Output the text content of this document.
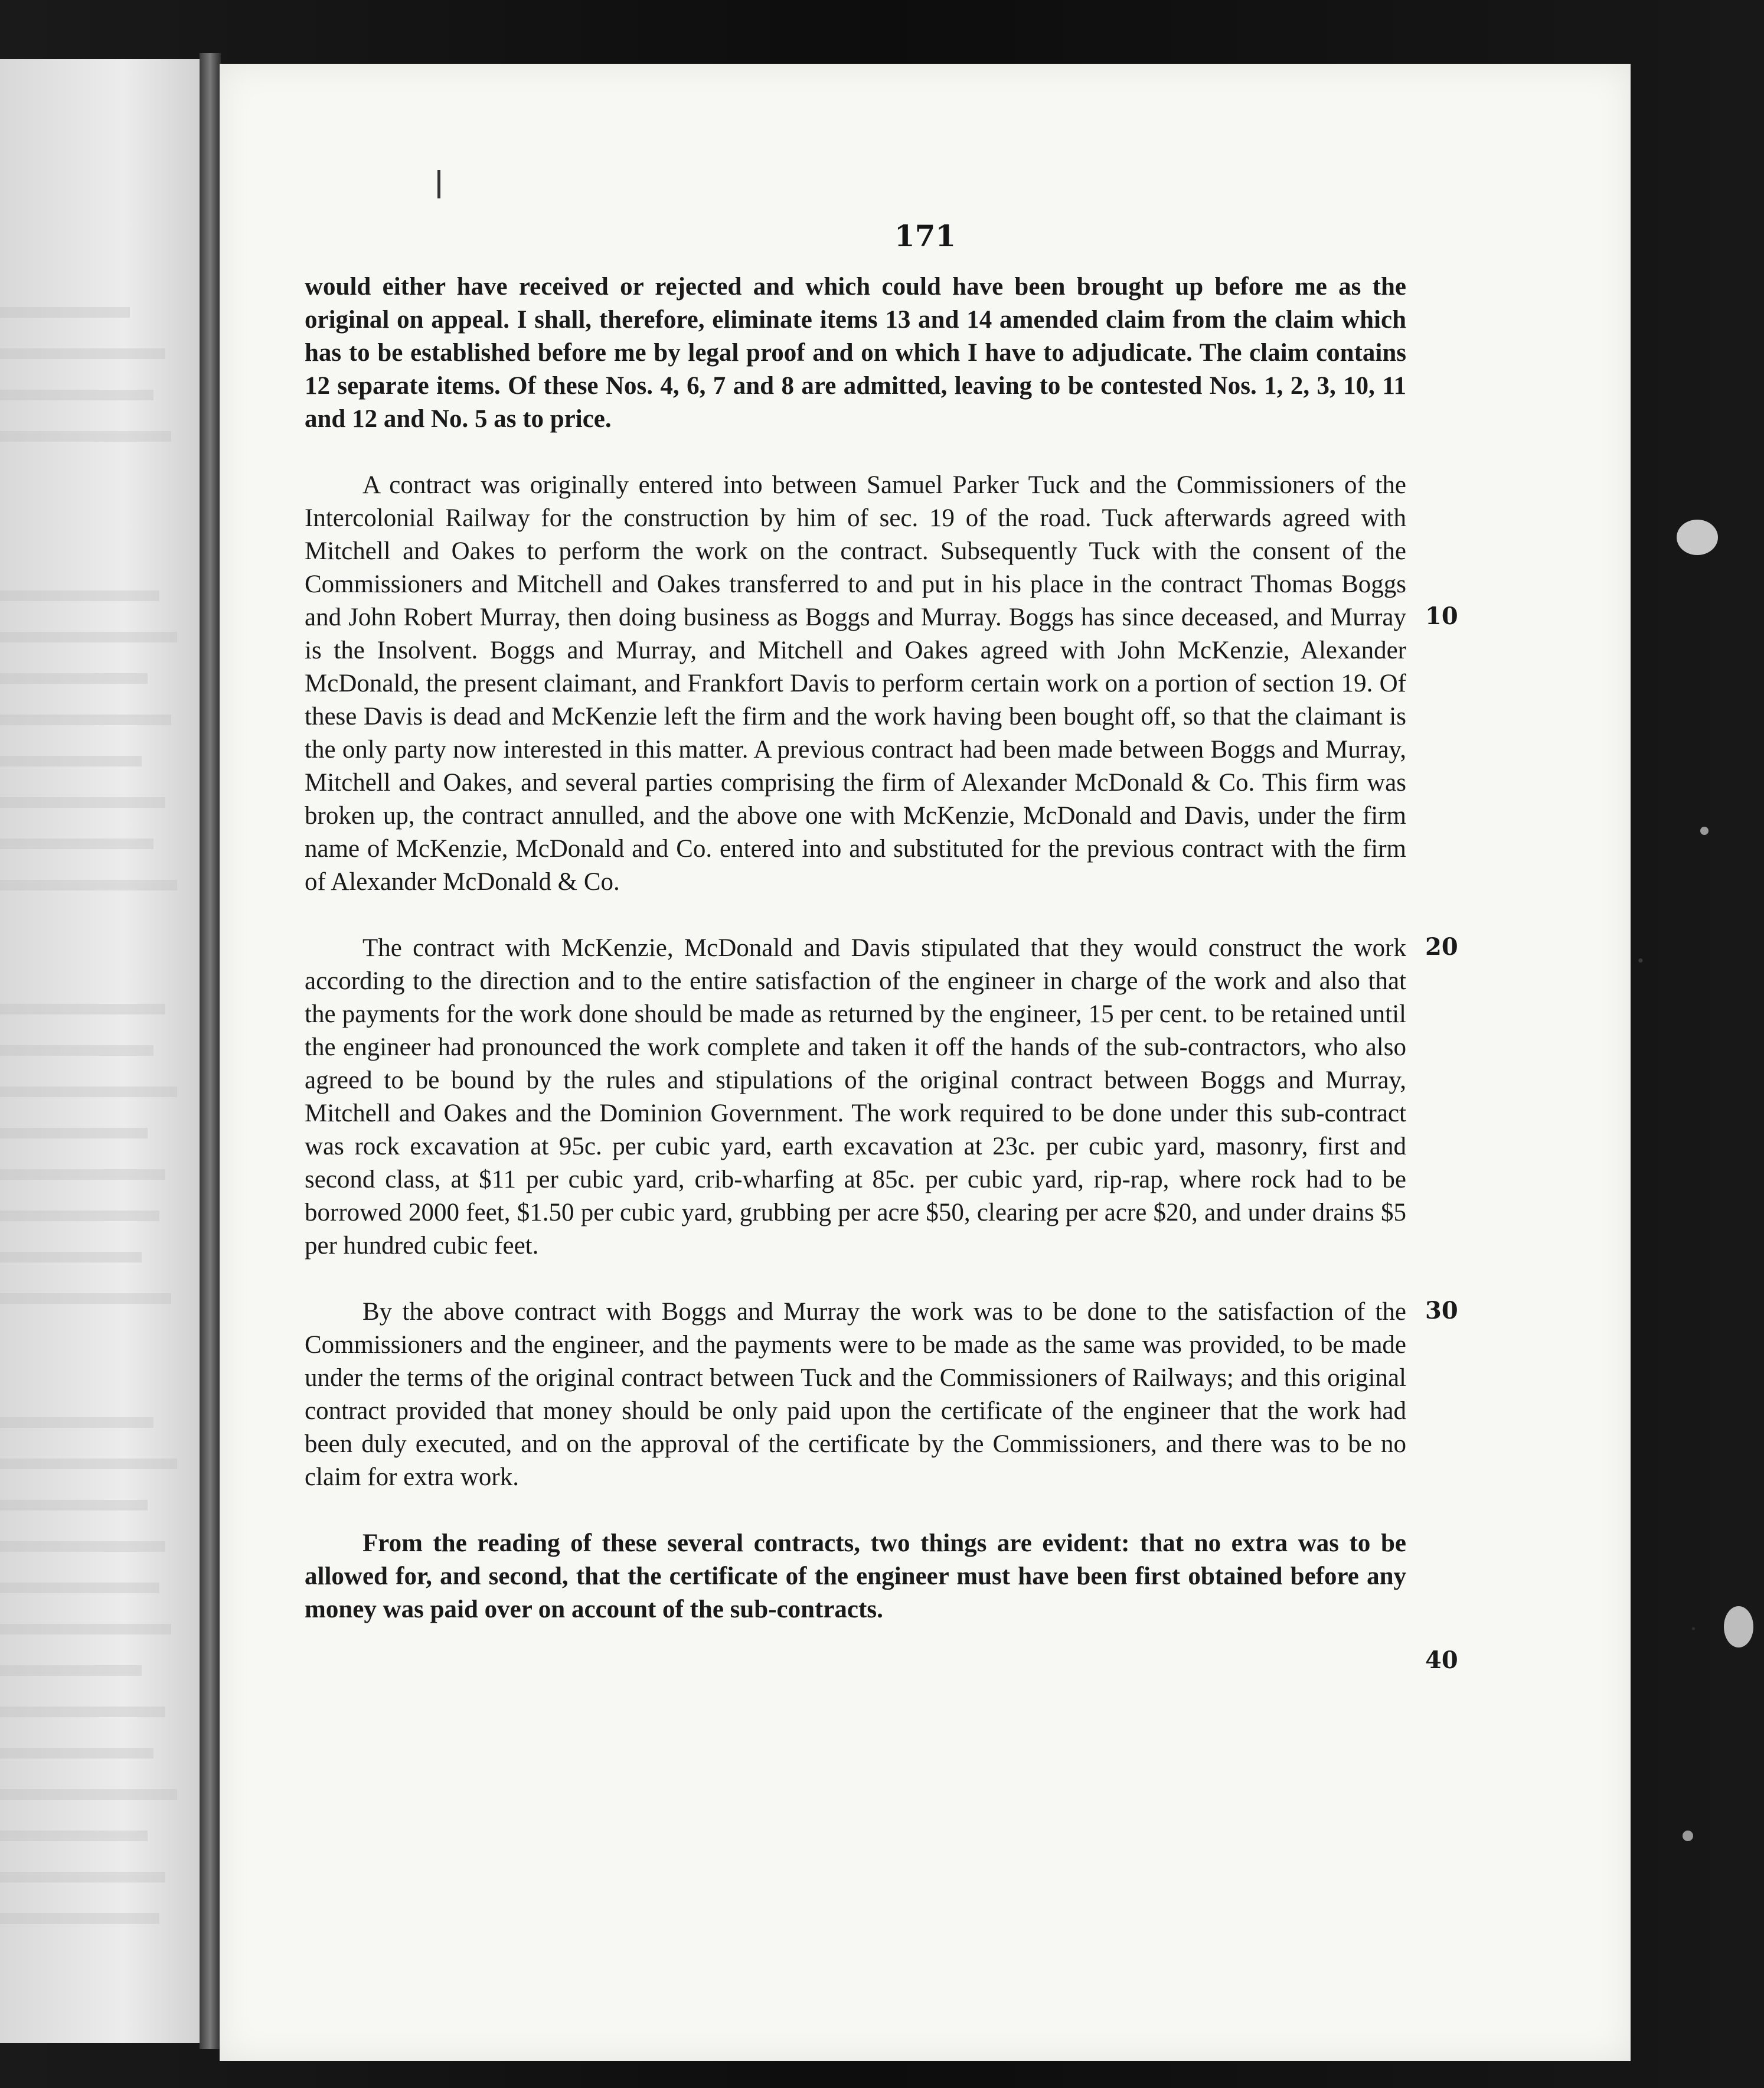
171

would either have received or rejected and which could have been brought up before me as the original on appeal. I shall, therefore, eliminate items 13 and 14 amended claim from the claim which has to be established before me by legal proof and on which I have to adjudicate. The claim contains 12 separate items. Of these Nos. 4, 6, 7 and 8 are admitted, leaving to be contested Nos. 1, 2, 3, 10, 11 and 12 and No. 5 as to price.

A contract was originally entered into between Samuel Parker Tuck and the Commissioners of the Intercolonial Railway for the construction by him of sec. 19 of the road. Tuck afterwards agreed with Mitchell and Oakes to perform the work on the contract. Subsequently Tuck with the consent of the Commissioners and Mitchell and Oakes transferred to and put in his place in the contract Thomas Boggs and John Robert Murray, then doing business as Boggs and Murray. Boggs has since deceased, and Murray is the Insolvent. Boggs and Murray, and Mitchell and Oakes agreed with John McKenzie, Alexander McDonald, the present claimant, and Frankfort Davis to perform certain work on a portion of section 19. Of these Davis is dead and McKenzie left the firm and the work having been bought off, so that the claimant is the only party now interested in this matter. A previous contract had been made between Boggs and Murray, Mitchell and Oakes, and several parties comprising the firm of Alexander McDonald & Co. This firm was broken up, the contract annulled, and the above one with McKenzie, McDonald and Davis, under the firm name of McKenzie, McDonald and Co. entered into and substituted for the previous contract with the firm of Alexander McDonald & Co.

The contract with McKenzie, McDonald and Davis stipulated that they would construct the work according to the direction and to the entire satisfaction of the engineer in charge of the work and also that the payments for the work done should be made as returned by the engineer, 15 per cent. to be retained until the engineer had pronounced the work complete and taken it off the hands of the sub-contractors, who also agreed to be bound by the rules and stipulations of the original contract between Boggs and Murray, Mitchell and Oakes and the Dominion Government. The work required to be done under this sub-contract was rock excavation at 95c. per cubic yard, earth excavation at 23c. per cubic yard, masonry, first and second class, at $11 per cubic yard, crib-wharfing at 85c. per cubic yard, rip-rap, where rock had to be borrowed 2000 feet, $1.50 per cubic yard, grubbing per acre $50, clearing per acre $20, and under drains $5 per hundred cubic feet.

By the above contract with Boggs and Murray the work was to be done to the satisfaction of the Commissioners and the engineer, and the payments were to be made as the same was provided, to be made under the terms of the original contract between Tuck and the Commissioners of Railways; and this original contract provided that money should be only paid upon the certificate of the engineer that the work had been duly executed, and on the approval of the certificate by the Commissioners, and there was to be no claim for extra work.

From the reading of these several contracts, two things are evident: that no extra was to be allowed for, and second, that the certificate of the engineer must have been first obtained before any money was paid over on account of the sub-contracts.

10
20
30
40
